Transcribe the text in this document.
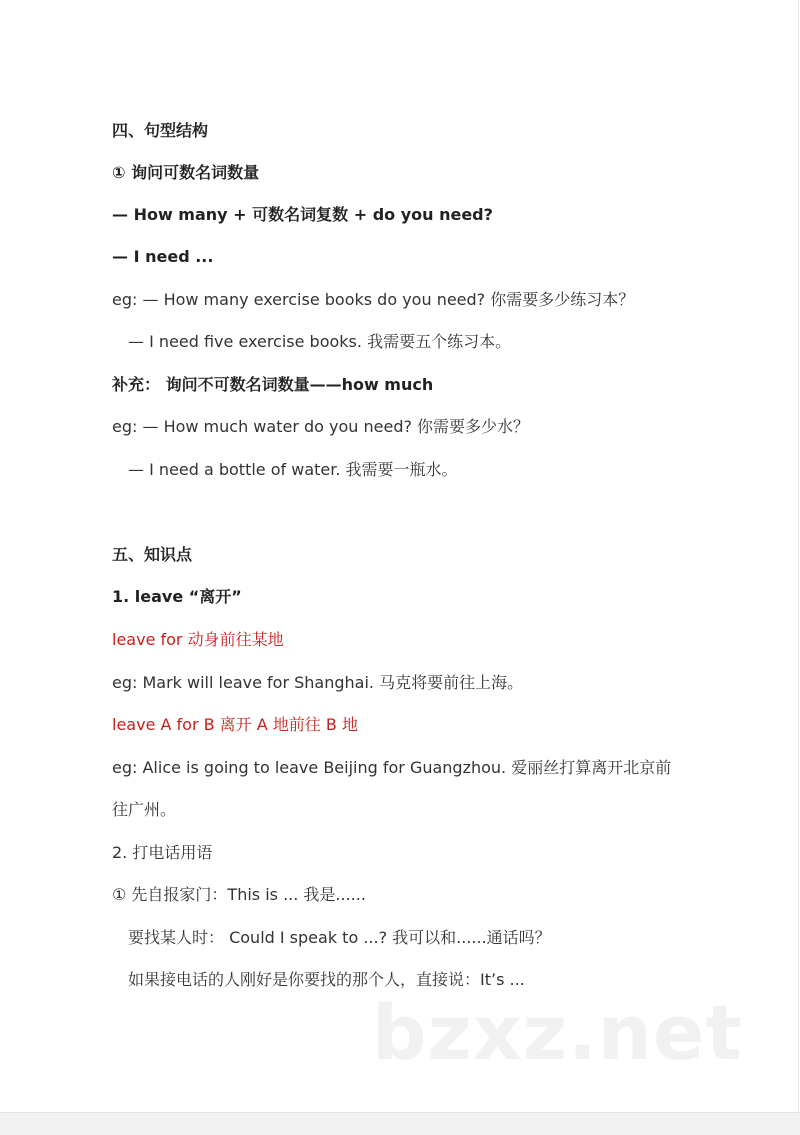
四、句型结构
① 询问可数名词数量
— How many + 可数名词复数 + do you need?
— I need ...
eg: — How many exercise books do you need? 你需要多少练习本？
— I need five exercise books. 我需要五个练习本。
补充： 询问不可数名词数量——how much
eg: — How much water do you need? 你需要多少水？
— I need a bottle of water. 我需要一瓶水。
五、知识点
1. leave “离开”
leave for 动身前往某地
eg: Mark will leave for Shanghai. 马克将要前往上海。
leave A for B 离开 A 地前往 B 地
eg: Alice is going to leave Beijing for Guangzhou. 爱丽丝打算离开北京前
往广州。
2. 打电话用语
① 先自报家门：This is ... 我是......
要找某人时： Could I speak to ...? 我可以和......通话吗？
如果接电话的人刚好是你要找的那个人，直接说：It’s ...
bzxz.net
